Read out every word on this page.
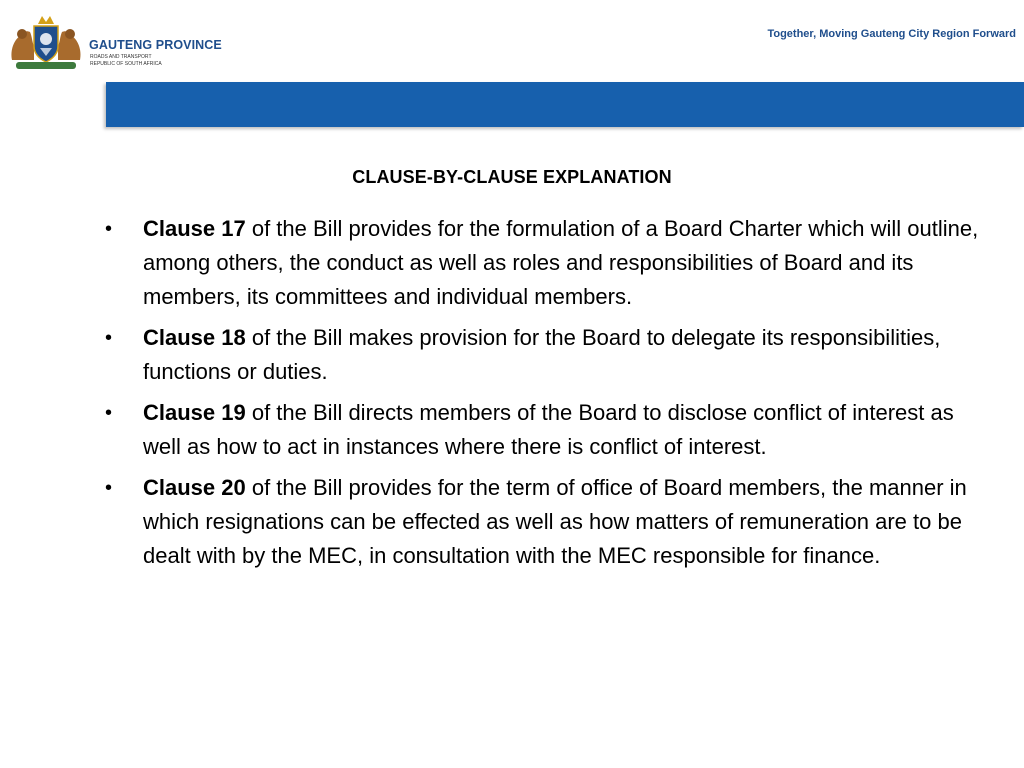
GAUTENG PROVINCE
ROADS AND TRANSPORT
REPUBLIC OF SOUTH AFRICA
Together, Moving Gauteng City Region Forward
CLAUSE-BY-CLAUSE EXPLANATION
• Clause 17 of the Bill provides for the formulation of a Board Charter which will outline, among others, the conduct as well as roles and responsibilities of Board and its members, its committees and individual members.
• Clause 18 of the Bill makes provision for the Board to delegate its responsibilities, functions or duties.
• Clause 19 of the Bill directs members of the Board to disclose conflict of interest as well as how to act in instances where there is conflict of interest.
• Clause 20 of the Bill provides for the term of office of Board members, the manner in which resignations can be effected as well as how matters of remuneration are to be dealt with by the MEC, in consultation with the MEC responsible for finance.
